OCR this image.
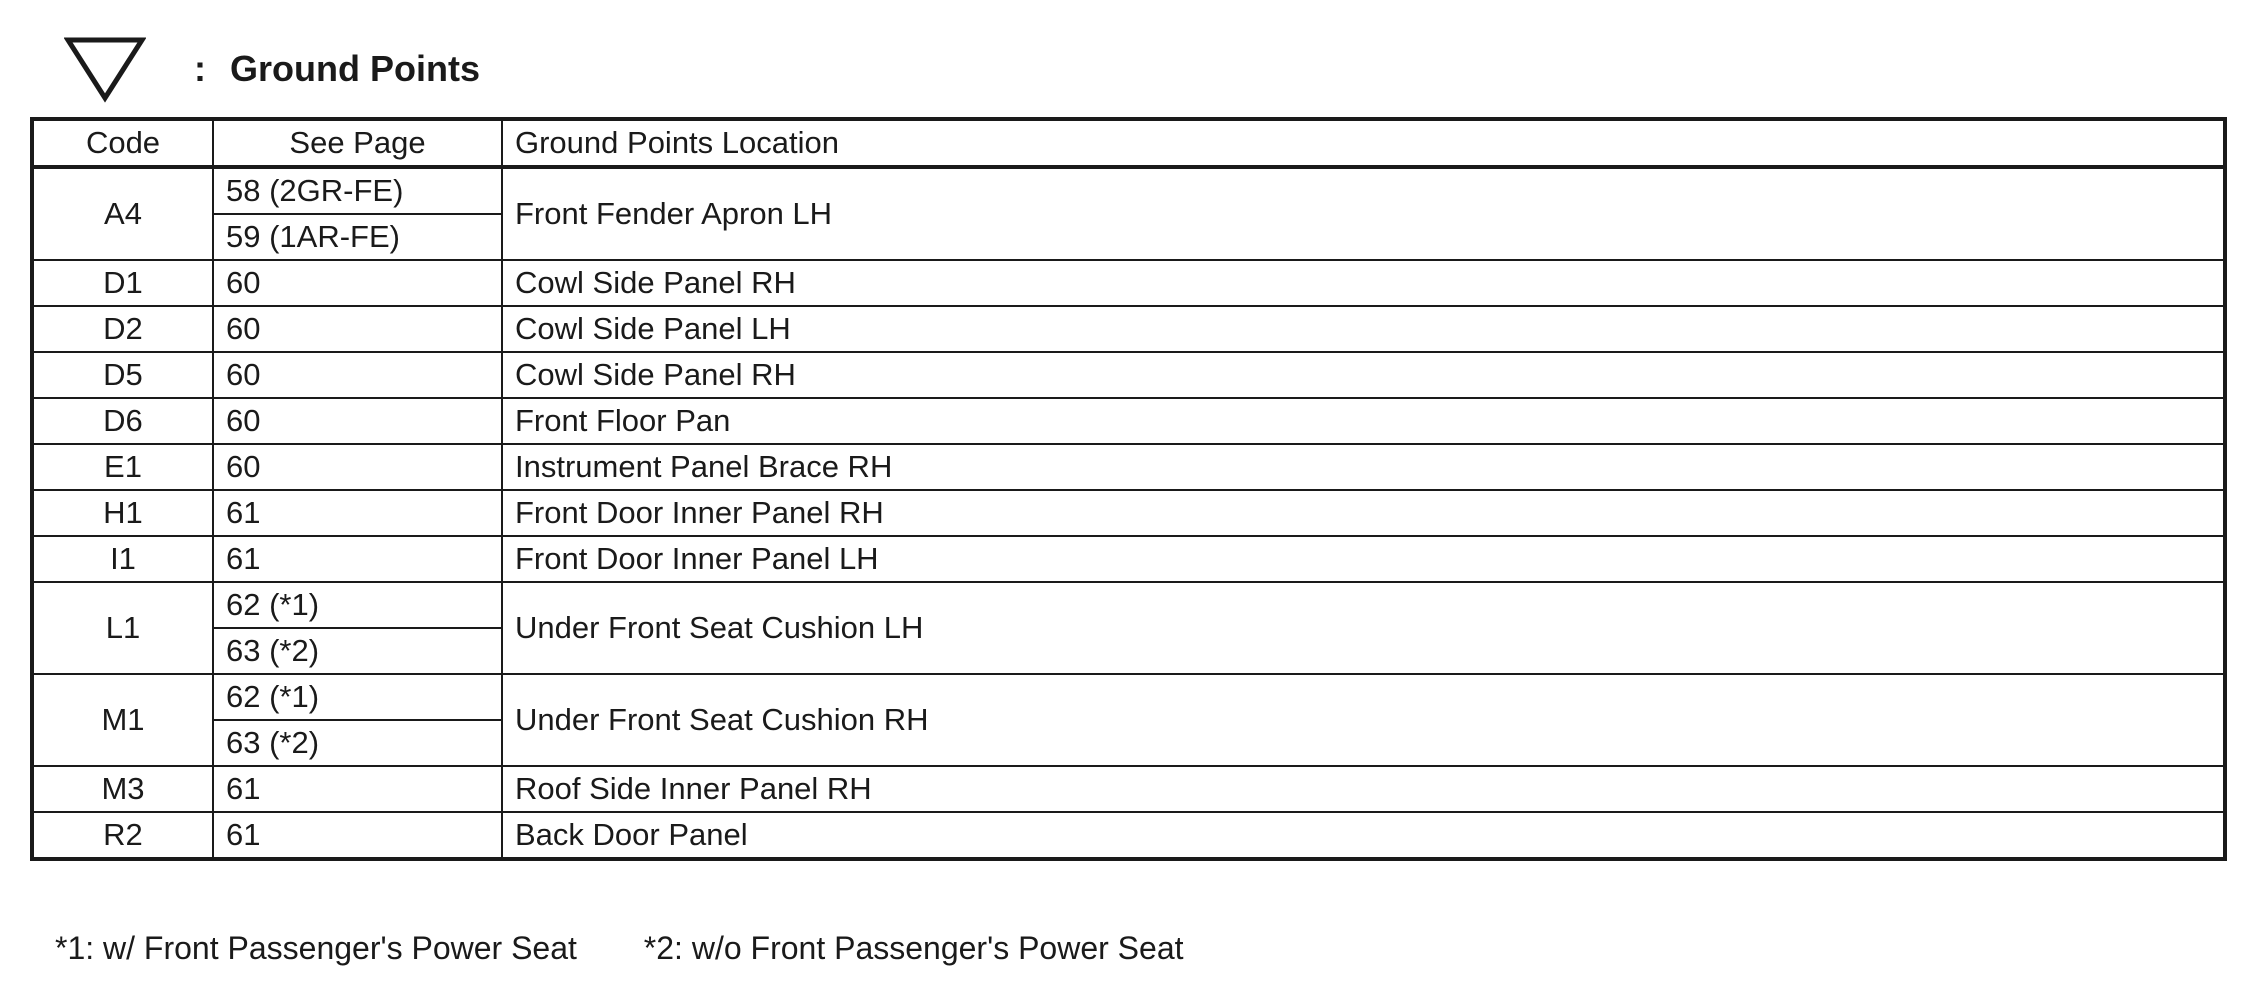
: Ground Points
Code	See Page	Ground Points Location
A4	58 (2GR-FE)	Front Fender Apron LH
	59 (1AR-FE)	
D1	60	Cowl Side Panel RH
D2	60	Cowl Side Panel LH
D5	60	Cowl Side Panel RH
D6	60	Front Floor Pan
E1	60	Instrument Panel Brace RH
H1	61	Front Door Inner Panel RH
I1	61	Front Door Inner Panel LH
L1	62 (*1)	Under Front Seat Cushion LH
	63 (*2)	
M1	62 (*1)	Under Front Seat Cushion RH
	63 (*2)	
M3	61	Roof Side Inner Panel RH
R2	61	Back Door Panel
*1: w/ Front Passenger's Power Seat *2: w/o Front Passenger's Power Seat
